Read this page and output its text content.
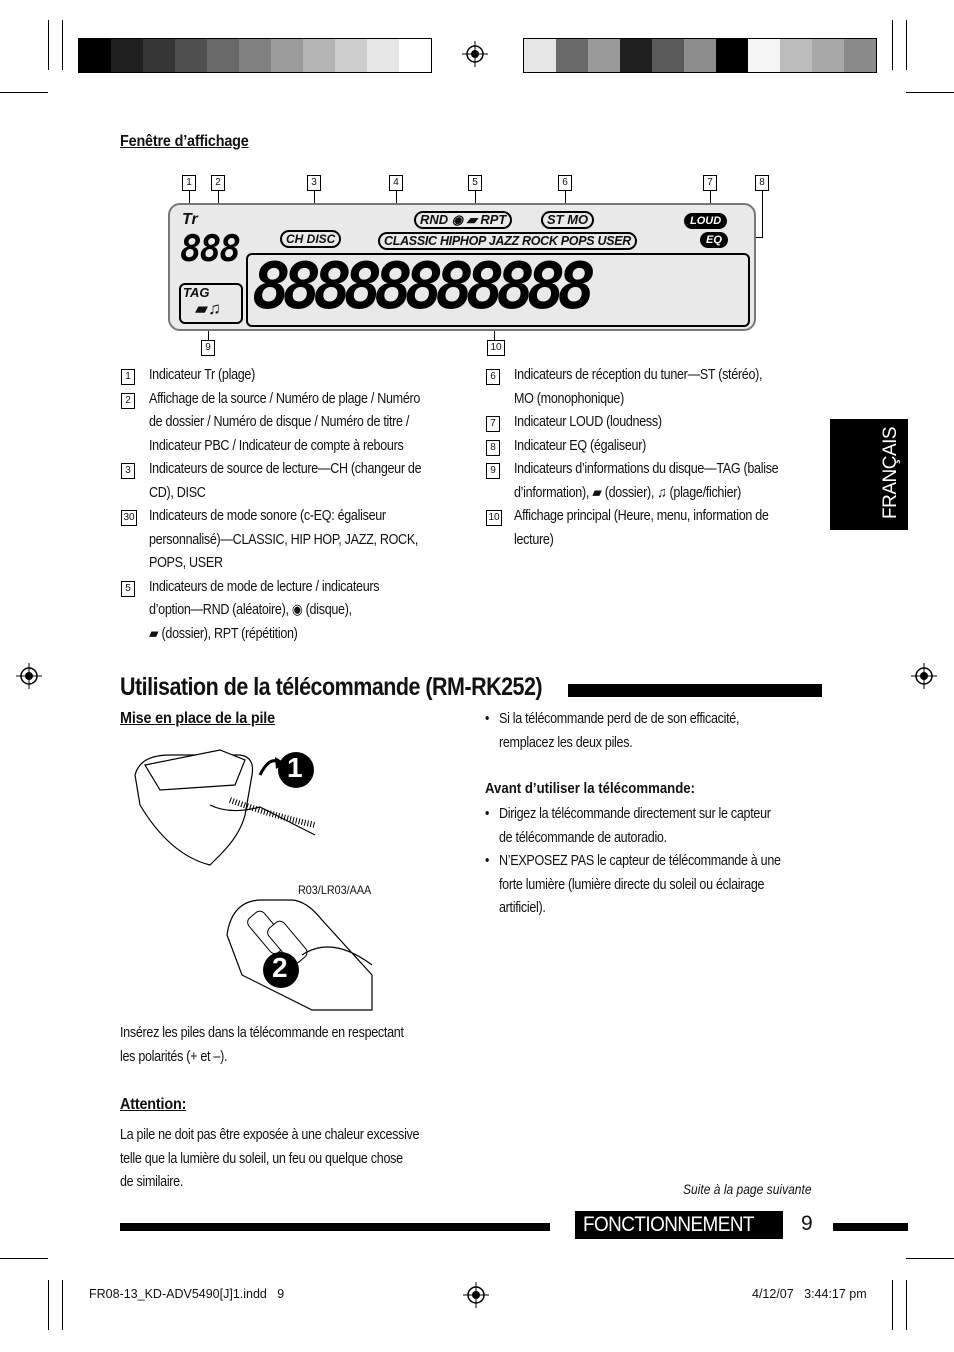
Fenêtre d’affichage
1	2	3	4	5	6	7	8
9	10
Tr
888	CH DISC
RND ◉ ▰ RPT	ST MO
CLASSIC HIPHOP JAZZ ROCK POPS USER
LOUD
EQ
TAG
▰♫ 88888888888
1 Indicateur Tr (plage)
2 Affichage de la source / Numéro de plage / Numéro
de dossier / Numéro de disque / Numéro de titre /
Indicateur PBC / Indicateur de compte à rebours
3 Indicateurs de source de lecture—CH (changeur de
CD), DISC
30 Indicateurs de mode sonore (c-EQ: égaliseur
personnalisé)—CLASSIC, HIP HOP, JAZZ, ROCK,
POPS, USER
5 Indicateurs de mode de lecture / indicateurs
d’option—RND (aléatoire), ◉ (disque),
▰ (dossier), RPT (répétition)
6 Indicateurs de réception du tuner—ST (stéréo),
MO (monophonique)
7 Indicateur LOUD (loudness)
8 Indicateur EQ (égaliseur)
9 Indicateurs d’informations du disque—TAG (balise
d’information), ▰ (dossier), ♫ (plage/fichier)
10 Affichage principal (Heure, menu, information de
lecture)
FRANÇAIS
Utilisation de la télécommande (RM-RK252)
Mise en place de la pile
1
R03/LR03/AAA
2
Insérez les piles dans la télécommande en respectant
les polarités (+ et –).
Attention:
La pile ne doit pas être exposée à une chaleur excessive
telle que la lumière du soleil, un feu ou quelque chose
de similaire.
• Si la télécommande perd de de son efficacité,
remplacez les deux piles.
Avant d’utiliser la télécommande:
• Dirigez la télécommande directement sur le capteur
de télécommande de autoradio.
• N’EXPOSEZ PAS le capteur de télécommande à une
forte lumière (lumière directe du soleil ou éclairage
artificiel).
Suite à la page suivante
FONCTIONNEMENT 9
FR08-13_KD-ADV5490[J]1.indd   9	4/12/07   3:44:17 pm
